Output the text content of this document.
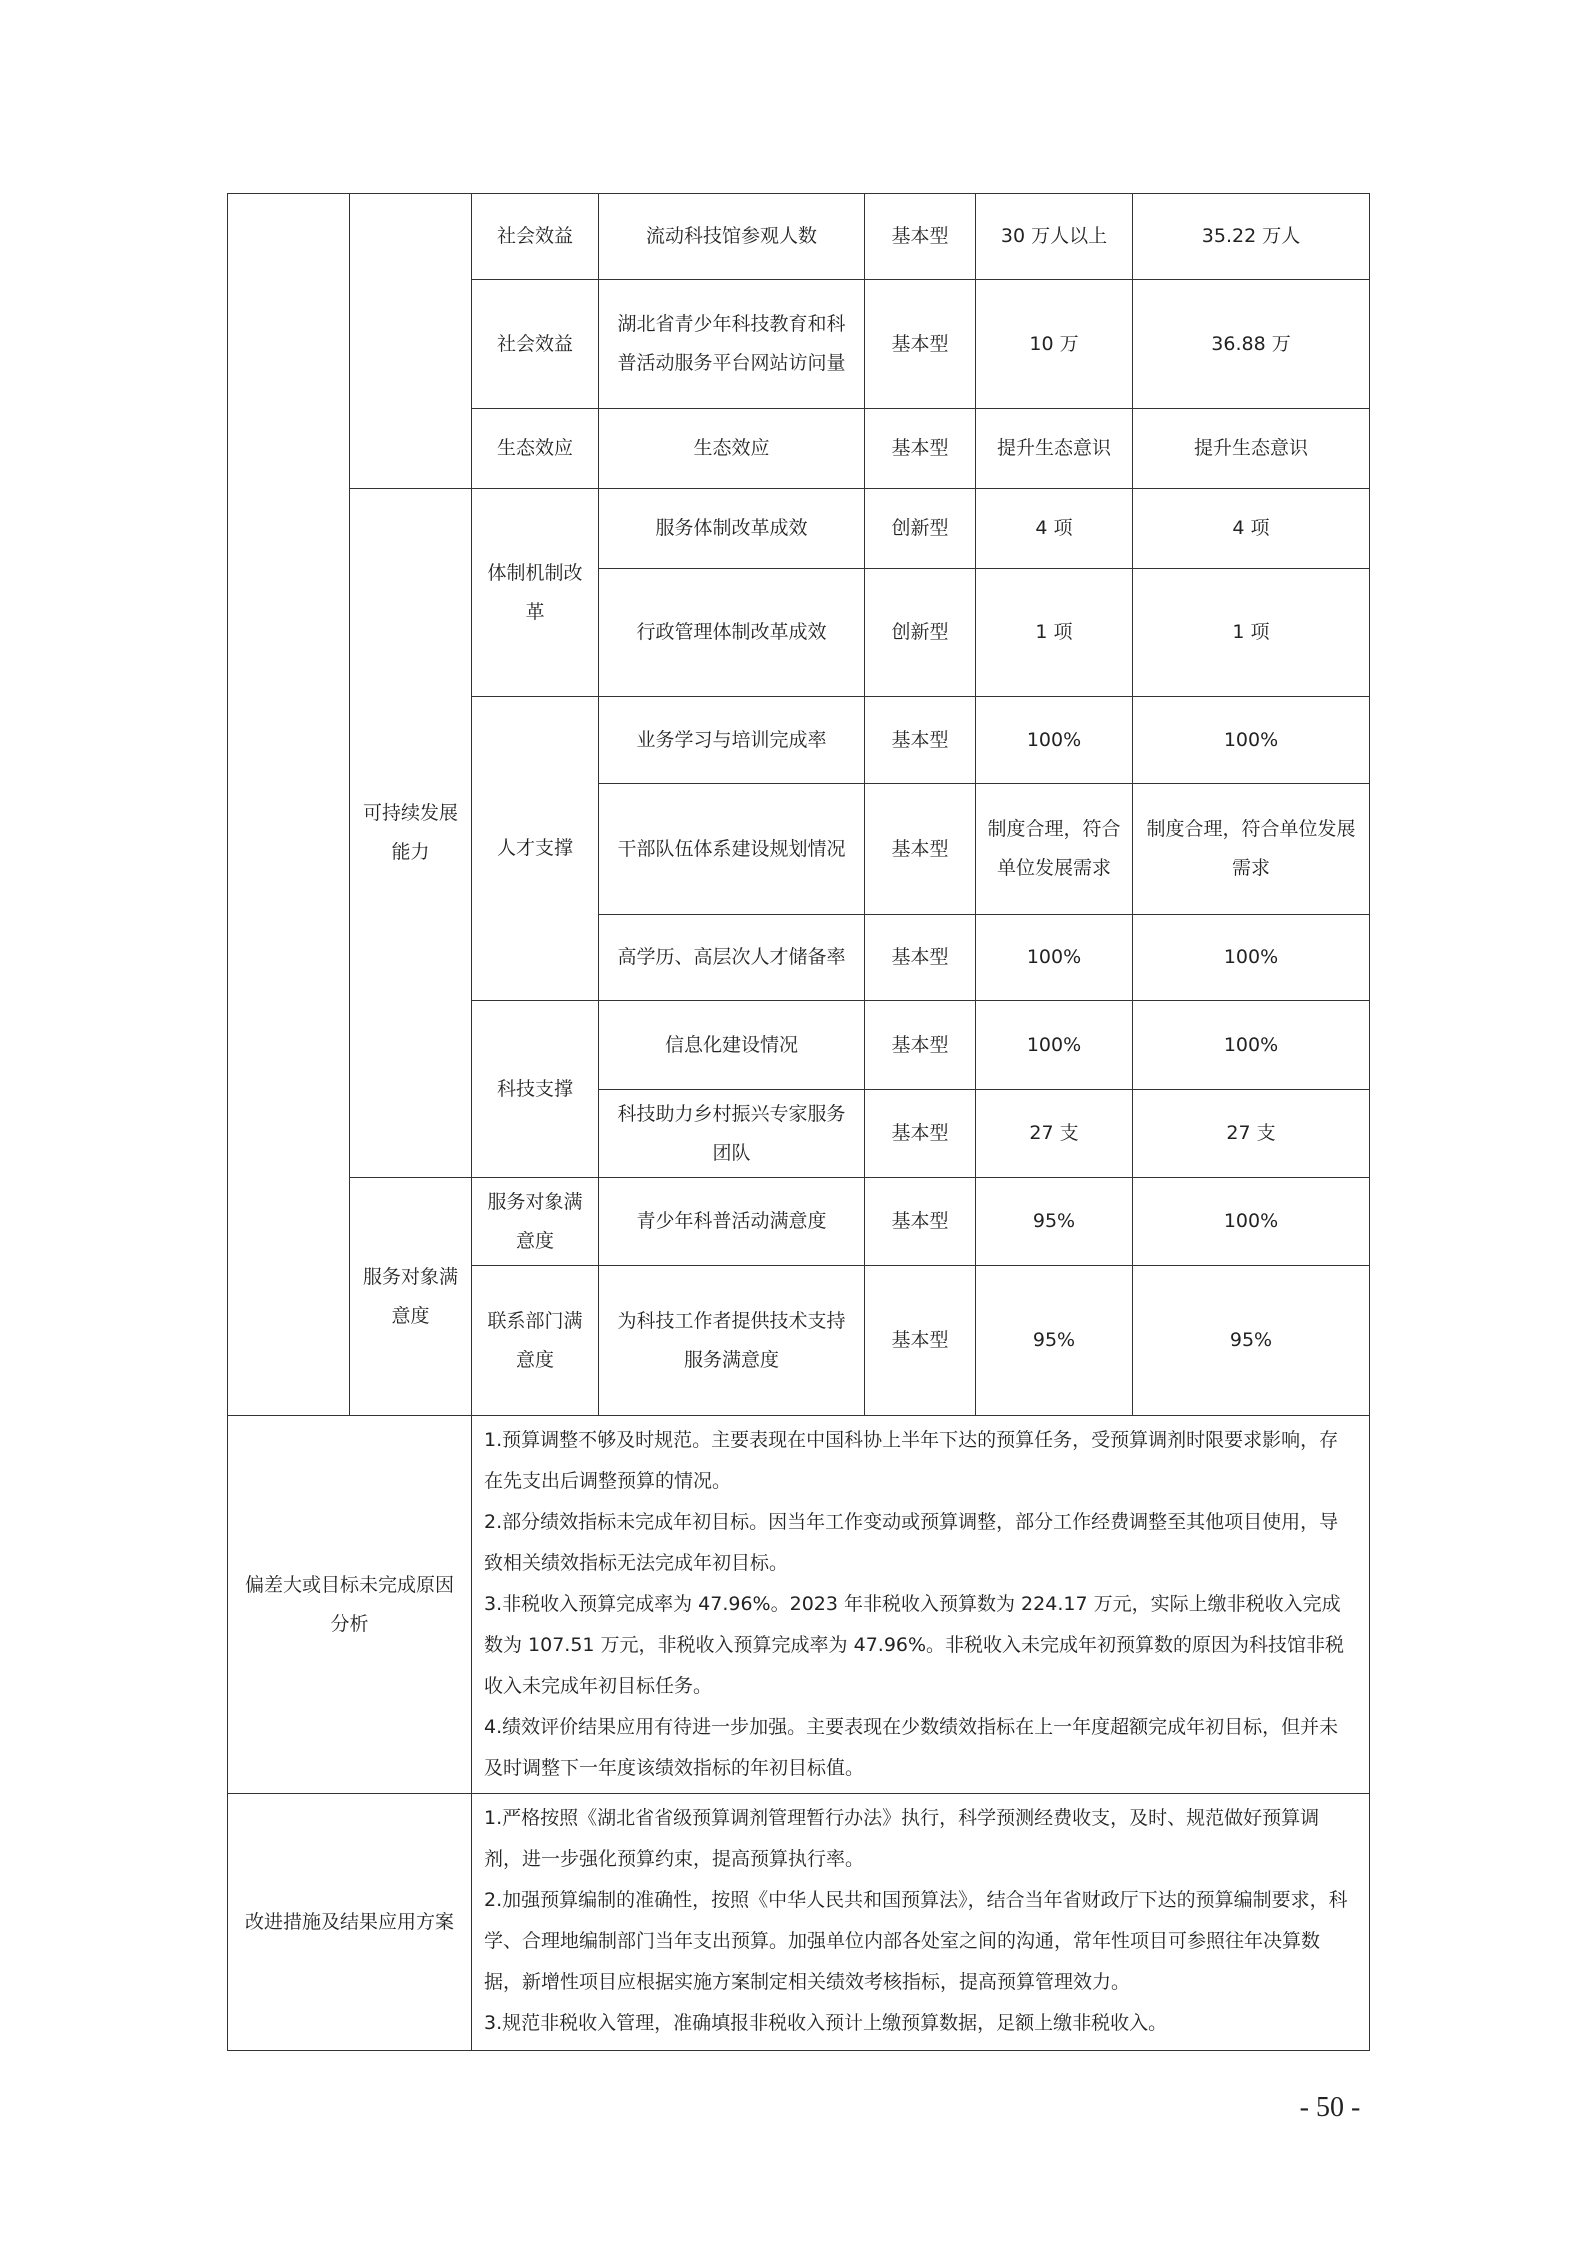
		社会效益	流动科技馆参观人数	基本型	30 万人以上	35.22 万人
		社会效益	湖北省青少年科技教育和科普活动服务平台网站访问量	基本型	10 万	36.88 万
		生态效应	生态效应	基本型	提升生态意识	提升生态意识
	可持续发展能力	体制机制改革	服务体制改革成效	创新型	4 项	4 项
			行政管理体制改革成效	创新型	1 项	1 项
		人才支撑	业务学习与培训完成率	基本型	100%	100%
			干部队伍体系建设规划情况	基本型	制度合理，符合单位发展需求	制度合理，符合单位发展需求
			高学历、高层次人才储备率	基本型	100%	100%
		科技支撑	信息化建设情况	基本型	100%	100%
			科技助力乡村振兴专家服务团队	基本型	27 支	27 支
	服务对象满意度	服务对象满意度	青少年科普活动满意度	基本型	95%	100%
		联系部门满意度	为科技工作者提供技术支持服务满意度	基本型	95%	95%
偏差大或目标未完成原因分析		1.预算调整不够及时规范。主要表现在中国科协上半年下达的预算任务，受预算调剂时限要求影响，存在先支出后调整预算的情况。

2.部分绩效指标未完成年初目标。因当年工作变动或预算调整，部分工作经费调整至其他项目使用，导致相关绩效指标无法完成年初目标。

3.非税收入预算完成率为 47.96%。2023 年非税收入预算数为 224.17 万元，实际上缴非税收入完成数为 107.51 万元，非税收入预算完成率为 47.96%。非税收入未完成年初预算数的原因为科技馆非税收入未完成年初目标任务。

4.绩效评价结果应用有待进一步加强。主要表现在少数绩效指标在上一年度超额完成年初目标，但并未及时调整下一年度该绩效指标的年初目标值。				

改进措施及结果应用方案		1.严格按照《湖北省省级预算调剂管理暂行办法》执行，科学预测经费收支，及时、规范做好预算调剂，进一步强化预算约束，提高预算执行率。

2.加强预算编制的准确性，按照《中华人民共和国预算法》，结合当年省财政厅下达的预算编制要求，科学、合理地编制部门当年支出预算。加强单位内部各处室之间的沟通，常年性项目可参照往年决算数据，新增性项目应根据实施方案制定相关绩效考核指标，提高预算管理效力。

3.规范非税收入管理，准确填报非税收入预计上缴预算数据，足额上缴非税收入。				

- 50 -
